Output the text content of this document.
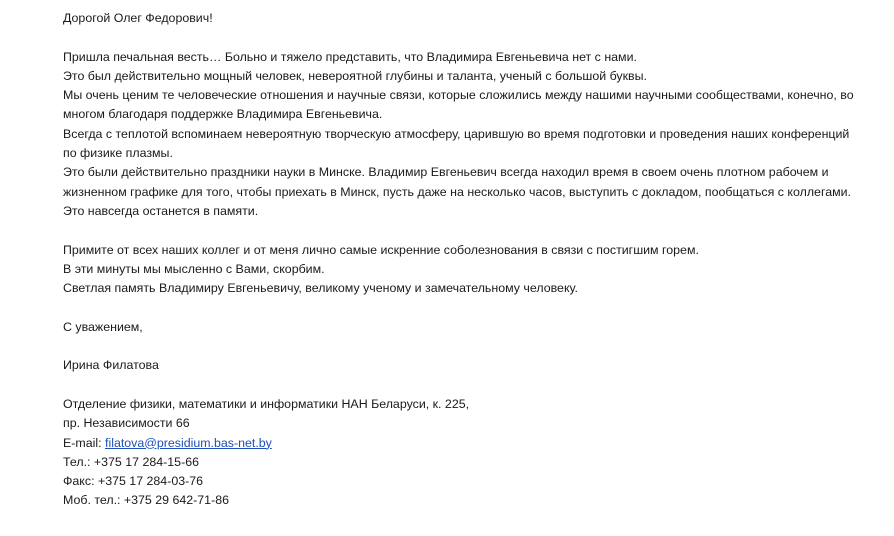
Дорогой Олег Федорович!
Пришла печальная весть… Больно и тяжело представить, что Владимира Евгеньевича нет с нами.
Это был действительно мощный человек, невероятной глубины и таланта, ученый с большой буквы.
Мы очень ценим те человеческие отношения и научные связи, которые сложились между нашими научными сообществами, конечно, во
многом благодаря поддержке Владимира Евгеньевича.
Всегда с теплотой вспоминаем невероятную творческую атмосферу, царившую во время подготовки и проведения наших конференций
по физике плазмы.
Это были действительно праздники науки в Минске. Владимир Евгеньевич всегда находил время в своем очень плотном рабочем и
жизненном графике для того, чтобы приехать в Минск, пусть даже на несколько часов, выступить с докладом, пообщаться с коллегами.
Это навсегда останется в памяти.
Примите от всех наших коллег и от меня лично самые искренние соболезнования в связи с постигшим горем.
В эти минуты мы мысленно с Вами, скорбим.
Светлая память Владимиру Евгеньевичу, великому ученому и замечательному человеку.
С уважением,
Ирина Филатова
Отделение физики, математики и информатики НАН Беларуси, к. 225,
пр. Независимости 66
E-mail: filatova@presidium.bas-net.by
Тел.: +375 17 284-15-66
Факс: +375 17 284-03-76
Моб. тел.: +375 29 642-71-86
